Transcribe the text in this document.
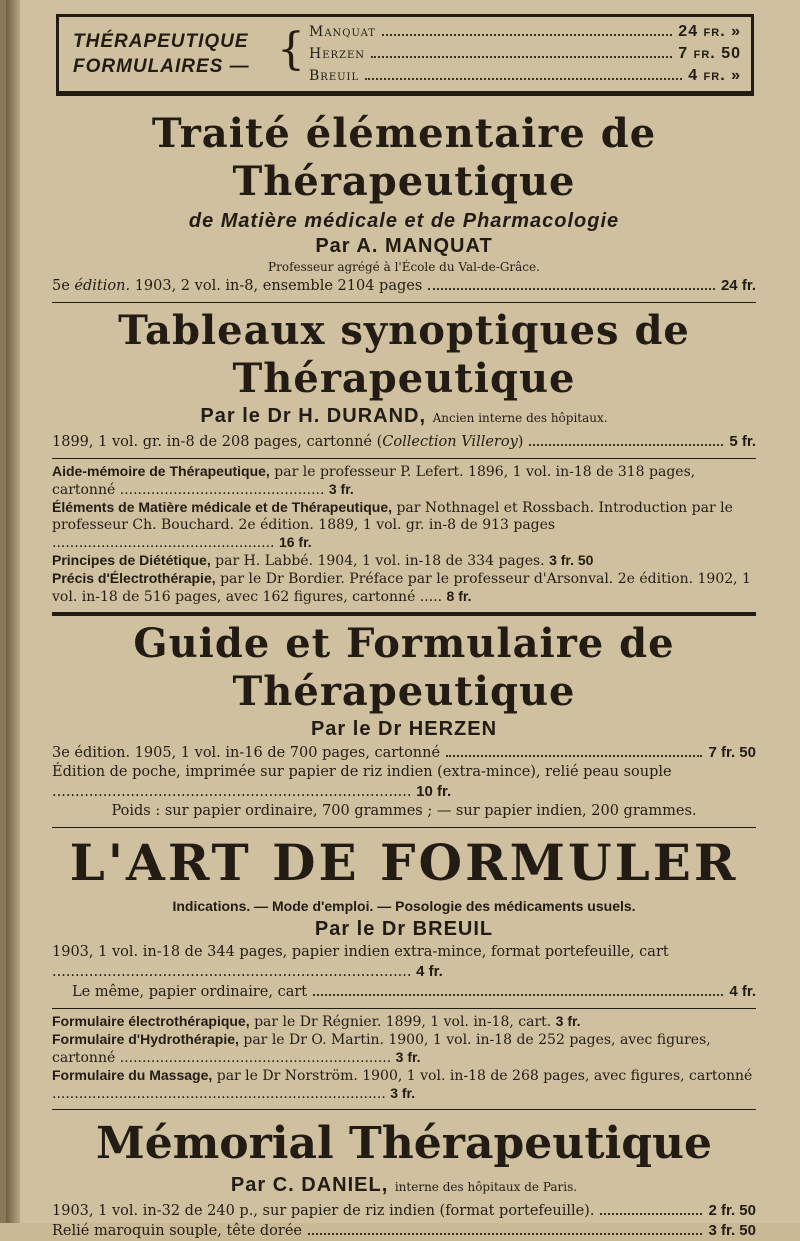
THÉRAPEUTIQUE
FORMULAIRES — { Manquat	24 fr. »
Herzen	7 fr. 50
Breuil	4 fr. »
Traité élémentaire de Thérapeutique
de Matière médicale et de Pharmacologie
Par A. MANQUAT
Professeur agrégé à l'École du Val-de-Grâce.
5e édition. 1903, 2 vol. in-8, ensemble 2104 pages	24 fr.
Tableaux synoptiques de Thérapeutique
Par le Dr H. DURAND, Ancien interne des hôpitaux.
1899, 1 vol. gr. in-8 de 208 pages, cartonné (Collection Villeroy)	5 fr.
Aide-mémoire de Thérapeutique, par le professeur P. Lefert. 1896, 1 vol. in-18 de 318 pages, cartonné .............................................. 3 fr.
Éléments de Matière médicale et de Thérapeutique, par Nothnagel et Rossbach. Introduction par le professeur Ch. Bouchard. 2e édition. 1889, 1 vol. gr. in-8 de 913 pages .................................................. 16 fr.
Principes de Diététique, par H. Labbé. 1904, 1 vol. in-18 de 334 pages. 3 fr. 50
Précis d'Électrothérapie, par le Dr Bordier. Préface par le professeur d'Arsonval. 2e édition. 1902, 1 vol. in-18 de 516 pages, avec 162 figures, cartonné ..... 8 fr.
Guide et Formulaire de Thérapeutique
Par le Dr HERZEN
3e édition. 1905, 1 vol. in-16 de 700 pages, cartonné	7 fr. 50
Édition de poche, imprimée sur papier de riz indien (extra-mince), relié peau souple .............................................................................. 10 fr.
Poids : sur papier ordinaire, 700 grammes ; — sur papier indien, 200 grammes.
L'ART DE FORMULER
Indications. — Mode d'emploi. — Posologie des médicaments usuels.
Par le Dr BREUIL
1903, 1 vol. in-18 de 344 pages, papier indien extra-mince, format portefeuille, cart .............................................................................. 4 fr.
Le même, papier ordinaire, cart	4 fr.
Formulaire électrothérapique, par le Dr Régnier. 1899, 1 vol. in-18, cart. 3 fr.
Formulaire d'Hydrothérapie, par le Dr O. Martin. 1900, 1 vol. in-18 de 252 pages, avec figures, cartonné ............................................................. 3 fr.
Formulaire du Massage, par le Dr Norström. 1900, 1 vol. in-18 de 268 pages, avec figures, cartonné ........................................................................... 3 fr.
Mémorial Thérapeutique
Par C. DANIEL, interne des hôpitaux de Paris.
1903, 1 vol. in-32 de 240 p., sur papier de riz indien (format portefeuille).	2 fr. 50
Relié maroquin souple, tête dorée	3 fr. 50
